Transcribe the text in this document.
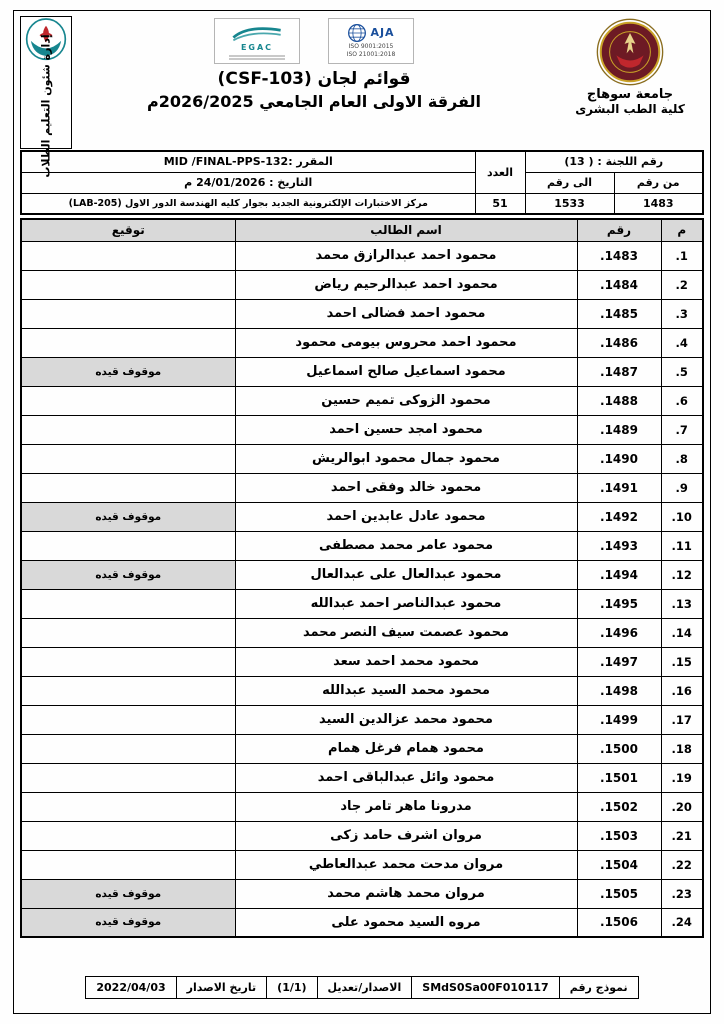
جامعة سوهاج
كلية الطب البشرى
AJA
ISO 9001:2015
ISO 21001:2018
EGAC
قوائم لجان (CSF-103)
الفرقة الاولى العام الجامعي 2026/2025م
إدارة شئون التعليم الطلاب	رقم اللجنة : ( 13)		العدد	المقرر :MID /FINAL-PPS-132
من رقم	الى رقم		التاريخ : 24/01/2026 م
1483	1533	51	مركز الاختبارات الإلكترونية الجديد بجوار كليه الهندسة الدور الاول (LAB-205)
م	رقم	اسم الطالب	توقيع
1.	1483.	محمود احمد عبدالرازق محمد	
2.	1484.	محمود احمد عبدالرحيم رياض	
3.	1485.	محمود احمد فضالى احمد	
4.	1486.	محمود احمد محروس بيومى محمود	
5.	1487.	محمود اسماعيل صالح اسماعيل	موقوف قيده
6.	1488.	محمود الزوكى تميم حسين	
7.	1489.	محمود امجد حسين احمد	
8.	1490.	محمود جمال محمود ابوالريش	
9.	1491.	محمود خالد وفقى احمد	
10.	1492.	محمود عادل عابدين احمد	موقوف قيده
11.	1493.	محمود عامر محمد مصطفى	
12.	1494.	محمود عبدالعال على عبدالعال	موقوف قيده
13.	1495.	محمود عبدالناصر احمد عبدالله	
14.	1496.	محمود عصمت سيف النصر محمد	
15.	1497.	محمود محمد احمد سعد	
16.	1498.	محمود محمد السيد عبدالله	
17.	1499.	محمود محمد عزالدين السيد	
18.	1500.	محمود همام فرغل همام	
19.	1501.	محمود وائل عبدالباقى احمد	
20.	1502.	مدرونا ماهر تامر جاد	
21.	1503.	مروان اشرف حامد زكى	
22.	1504.	مروان مدحت محمد عبدالعاطي	
23.	1505.	مروان محمد هاشم محمد	موقوف قيده
24.	1506.	مروه السيد محمود على	موقوف قيده
نموذج رقم	SMdS0Sa00F010117	الاصدار/تعديل	(1/1)	تاريخ الاصدار	2022/04/03
